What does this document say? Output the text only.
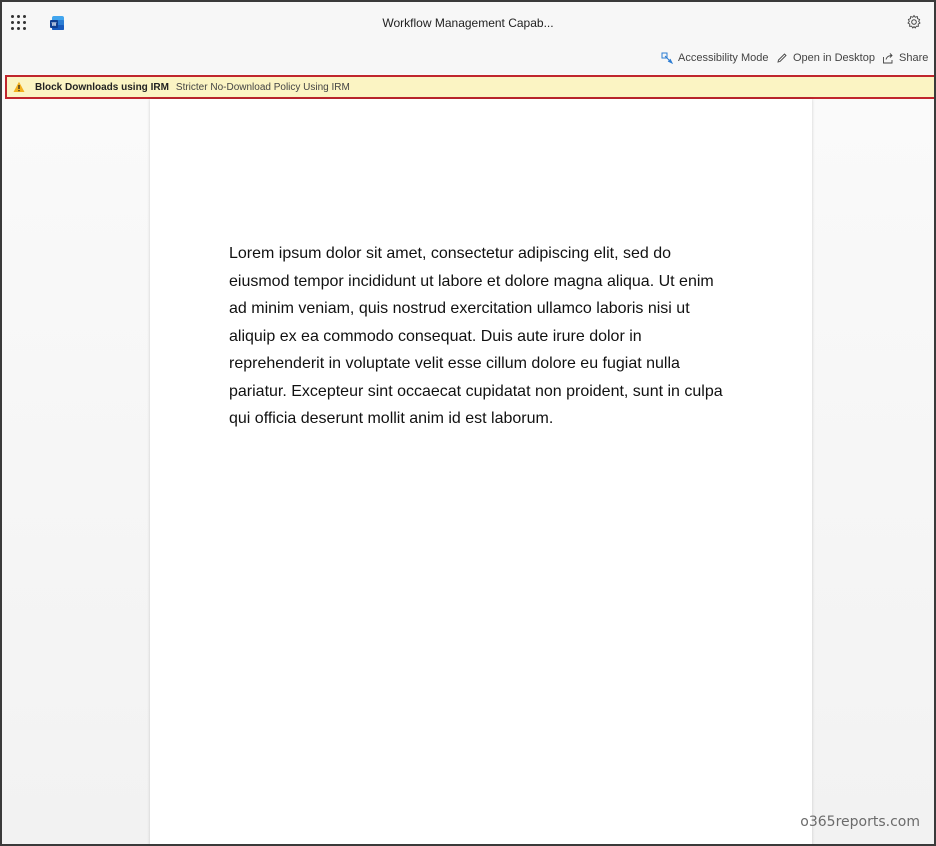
W	Workflow Management Capab...
Accessibility Mode Open in Desktop Share
Block Downloads using IRM Stricter No-Download Policy Using IRM

Lorem ipsum dolor sit amet, consectetur adipiscing elit, sed do eiusmod tempor incididunt ut labore et dolore magna aliqua. Ut enim ad minim veniam, quis nostrud exercitation ullamco laboris nisi ut aliquip ex ea commodo consequat. Duis aute irure dolor in reprehenderit in voluptate velit esse cillum dolore eu fugiat nulla pariatur. Excepteur sint occaecat cupidatat non proident, sunt in culpa qui officia deserunt mollit anim id est laborum.

o365reports.com
